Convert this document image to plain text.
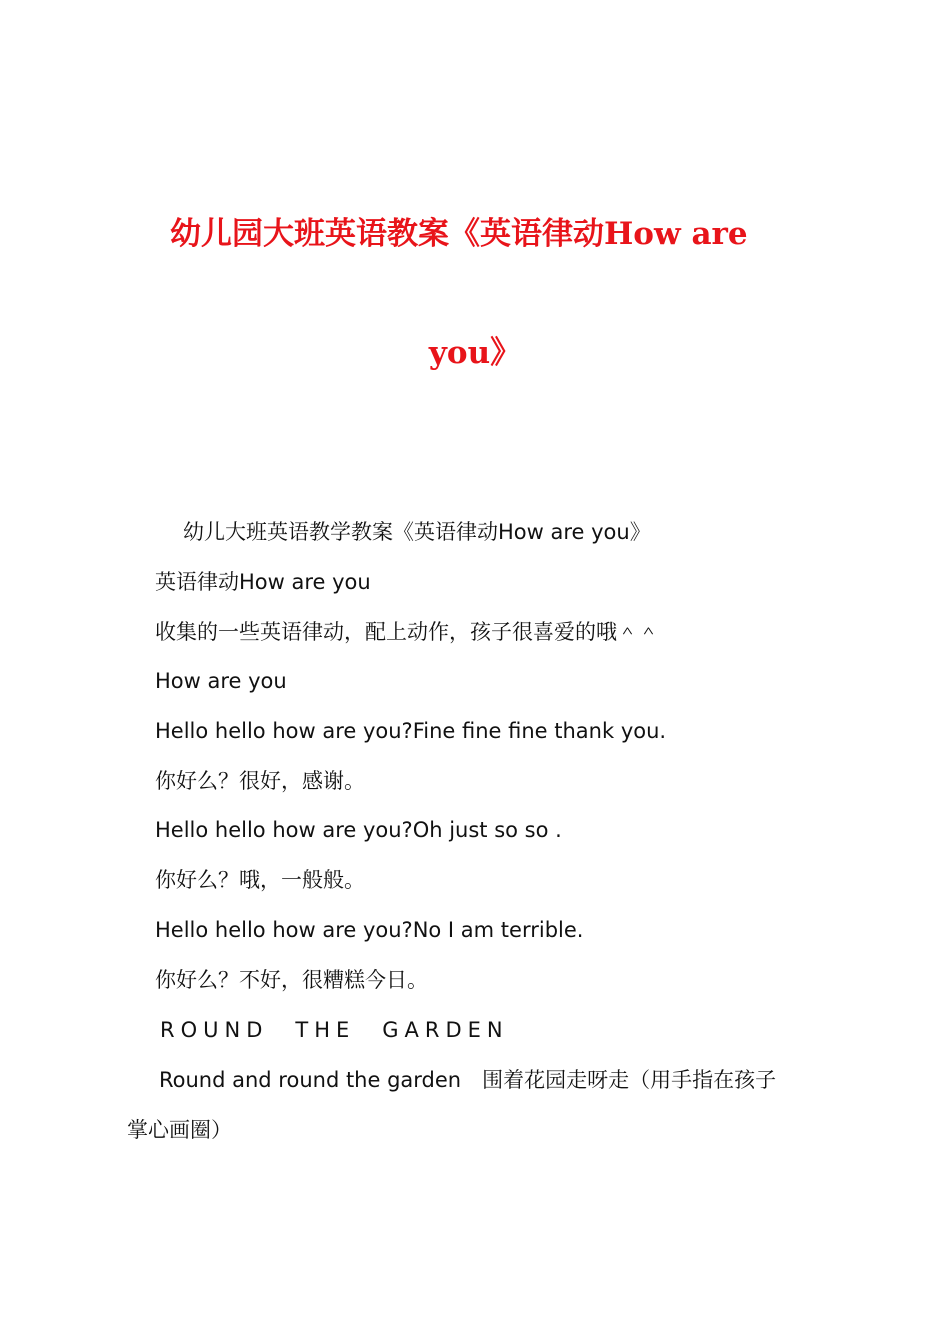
幼儿园大班英语教案《英语律动How are
you》
幼儿大班英语教学教案《英语律动How are you》
英语律动How are you
收集的一些英语律动，配上动作，孩子很喜爱的哦＾＾
How are you
Hello hello how are you?Fine fine fine thank you.
你好么？很好，感谢。
Hello hello how are you?Oh just so so .
你好么？哦，一般般。
Hello hello how are you?No I am terrible.
你好么？不好，很糟糕今日。
ROUND　THE　GARDEN
Round and round the garden　围着花园走呀走（用手指在孩子
掌心画圈）
